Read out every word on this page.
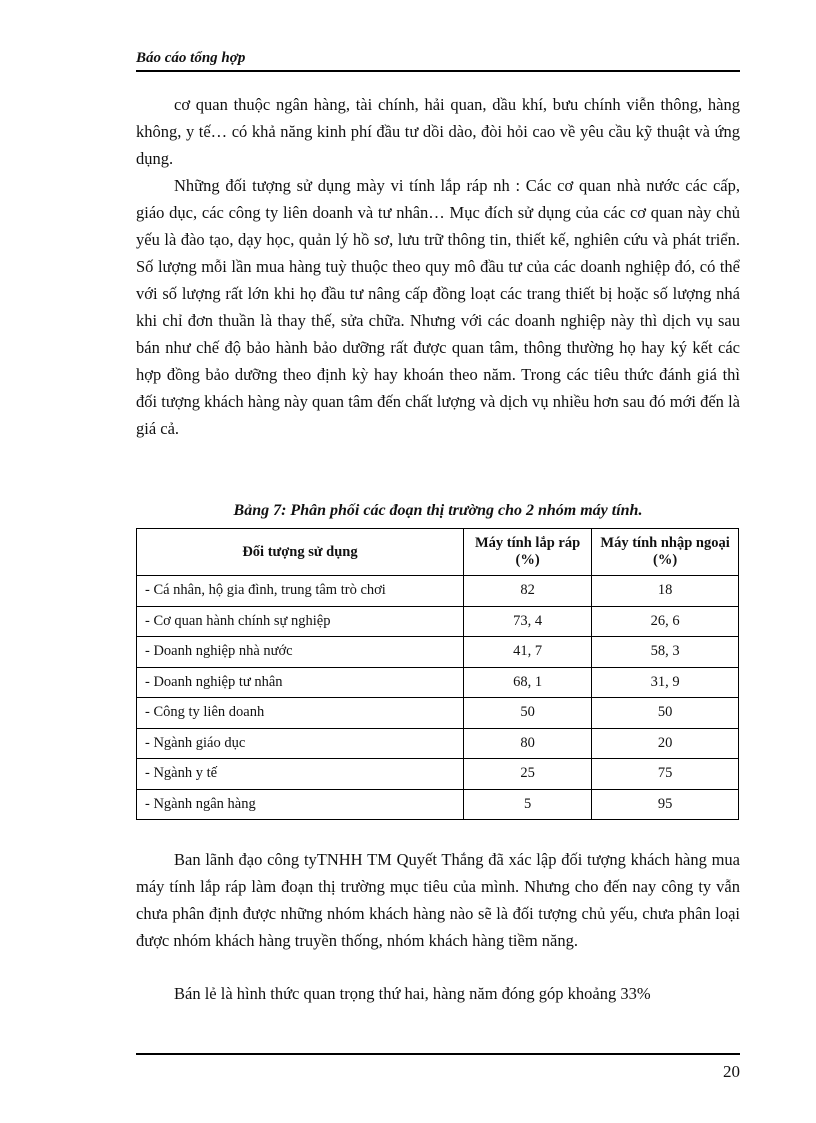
Báo cáo tổng hợp

cơ quan thuộc ngân hàng, tài chính, hải quan, dầu khí, bưu chính viễn thông, hàng không, y tế… có khả năng kinh phí đầu tư dồi dào, đòi hỏi cao về yêu cầu kỹ thuật và ứng dụng.

Những đối tượng sử dụng mày vi tính lắp ráp nh : Các cơ quan nhà nước các cấp, giáo dục, các công ty liên doanh và tư nhân… Mục đích sử dụng của các cơ quan này chủ yếu là đào tạo, dạy học, quản lý hồ sơ, lưu trữ thông tin, thiết kế, nghiên cứu và phát triển. Số lượng mỗi lần mua hàng tuỳ thuộc theo quy mô đầu tư của các doanh nghiệp đó, có thể với số lượng rất lớn khi họ đầu tư nâng cấp đồng loạt các trang thiết bị hoặc số lượng nhá khi chỉ đơn thuần là thay thế, sửa chữa. Nhưng với các doanh nghiệp này thì dịch vụ sau bán như chế độ bảo hành bảo dưỡng rất được quan tâm, thông thường họ hay ký kết các hợp đồng bảo dưỡng theo định kỳ hay khoán theo năm. Trong các tiêu thức đánh giá thì đối tượng khách hàng này quan tâm đến chất lượng và dịch vụ nhiều hơn sau đó mới đến là giá cả.

Bảng 7: Phân phối các đoạn thị trường cho 2 nhóm máy tính.
Đối tượng sử dụng	Máy tính lắp ráp (%)	Máy tính nhập ngoại (%)
- Cá nhân, hộ gia đình, trung tâm trò chơi	82	18
- Cơ quan hành chính sự nghiệp	73, 4	26, 6
- Doanh nghiệp nhà nước	41, 7	58, 3
- Doanh nghiệp tư nhân	68, 1	31, 9
- Công ty liên doanh	50	50
- Ngành giáo dục	80	20
- Ngành y tế	25	75
- Ngành ngân hàng	5	95

Ban lãnh đạo công tyTNHH TM Quyết Thắng đã xác lập đối tượng khách hàng mua máy tính lắp ráp làm đoạn thị trường mục tiêu của mình. Nhưng cho đến nay công ty vẫn chưa phân định được những nhóm khách hàng nào sẽ là đối tượng chủ yếu, chưa phân loại được nhóm khách hàng truyền thống, nhóm khách hàng tiềm năng.

Bán lẻ là hình thức quan trọng thứ hai, hàng năm đóng góp khoảng 33%

20
